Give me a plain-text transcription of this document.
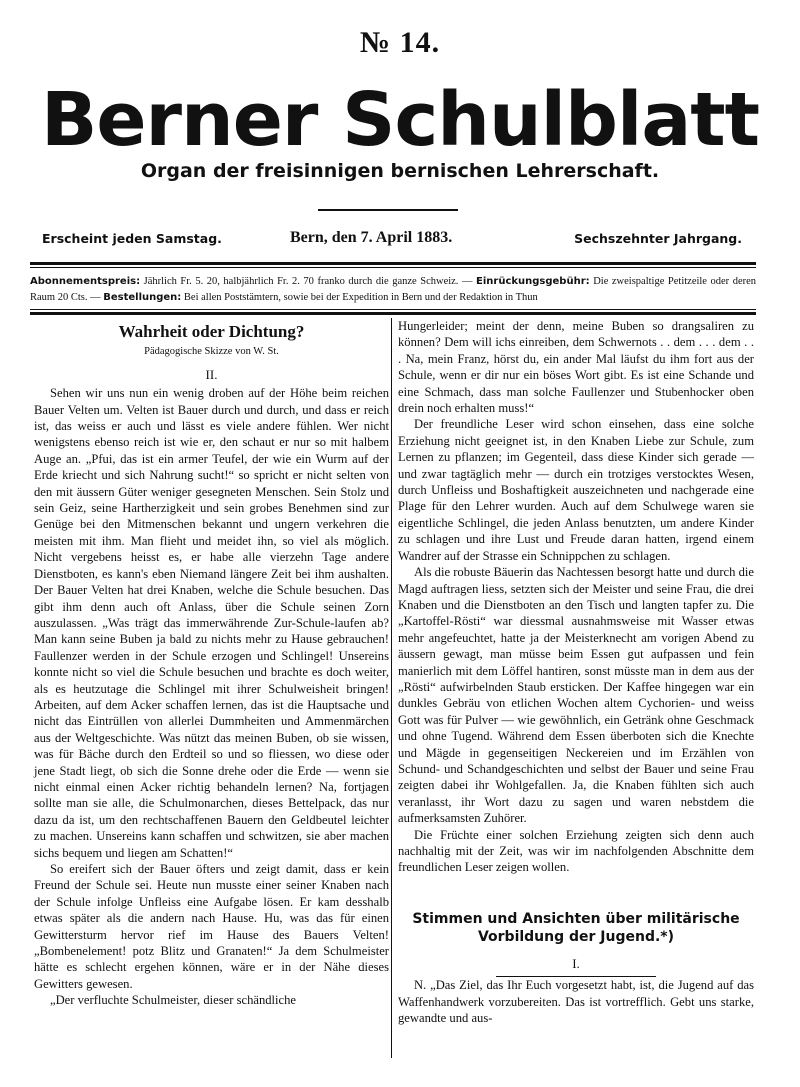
№ 14.
Berner Schulblatt
Organ der freisinnigen bernischen Lehrerschaft.
Erscheint jeden Samstag.	Bern, den 7. April 1883.	Sechszehnter Jahrgang.
Abonnementspreis: Jährlich Fr. 5. 20, halbjährlich Fr. 2. 70 franko durch die ganze Schweiz. — Einrückungsgebühr: Die zweispaltige Petitzeile oder deren Raum 20 Cts. — Bestellungen: Bei allen Poststämtern, sowie bei der Expedition in Bern und der Redaktion in Thun
Wahrheit oder Dichtung?
Pädagogische Skizze von W. St.
II.

Sehen wir uns nun ein wenig droben auf der Höhe beim reichen Bauer Velten um. Velten ist Bauer durch und durch, und dass er reich ist, das weiss er auch und lässt es viele andere fühlen. Wer nicht wenigstens ebenso reich ist wie er, den schaut er nur so mit halbem Auge an. „Pfui, das ist ein armer Teufel, der wie ein Wurm auf der Erde kriecht und sich Nahrung sucht!“ so spricht er nicht selten von den mit äussern Güter weniger gesegneten Menschen. Sein Stolz und sein Geiz, seine Hartherzigkeit und sein grobes Benehmen sind zur Genüge bei den Mitmenschen bekannt und ungern verkehren die meisten mit ihm. Man flieht und meidet ihn, so viel als möglich. Nicht vergebens heisst es, er habe alle vierzehn Tage andere Dienstboten, es kann's eben Niemand längere Zeit bei ihm aushalten. Der Bauer Velten hat drei Knaben, welche die Schule besuchen. Das gibt ihm denn auch oft Anlass, über die Schule seinen Zorn auszulassen. „Was trägt das immerwährende Zur-Schule-laufen ab? Man kann seine Buben ja bald zu nichts mehr zu Hause gebrauchen! Faullenzer werden in der Schule erzogen und Schlingel! Unsereins konnte nicht so viel die Schule besuchen und brachte es doch weiter, als es heutzutage die Schlingel mit ihrer Schulweisheit bringen! Arbeiten, auf dem Acker schaffen lernen, das ist die Hauptsache und nicht das Eintrüllen von allerlei Dummheiten und Ammenmärchen aus der Weltgeschichte. Was nützt das meinen Buben, ob sie wissen, was für Bäche durch den Erdteil so und so fliessen, wo diese oder jene Stadt liegt, ob sich die Sonne drehe oder die Erde — wenn sie nicht einmal einen Acker richtig behandeln lernen? Na, fortjagen sollte man sie alle, die Schulmonarchen, dieses Bettelpack, das nur dazu da ist, um den rechtschaffenen Bauern den Geldbeutel leichter zu machen. Unsereins kann schaffen und schwitzen, sie aber machen sichs bequem und liegen am Schatten!“

So ereifert sich der Bauer öfters und zeigt damit, dass er kein Freund der Schule sei. Heute nun musste einer seiner Knaben nach der Schule infolge Unfleiss eine Aufgabe lösen. Er kam desshalb etwas später als die andern nach Hause. Hu, was das für einen Gewittersturm hervor rief im Hause des Bauers Velten! „Bombenelement! potz Blitz und Granaten!“ Ja dem Schulmeister hätte es schlecht ergehen können, wäre er in der Nähe dieses Gewitters gewesen.

„Der verfluchte Schulmeister, dieser schändliche

Hungerleider; meint der denn, meine Buben so drangsaliren zu können? Dem will ichs einreiben, dem Schwernots . . dem . . . dem . . . Na, mein Franz, hörst du, ein ander Mal läufst du ihm fort aus der Schule, wenn er dir nur ein böses Wort gibt. Es ist eine Schande und eine Schmach, dass man solche Faullenzer und Stubenhocker oben drein noch erhalten muss!“

Der freundliche Leser wird schon einsehen, dass eine solche Erziehung nicht geeignet ist, in den Knaben Liebe zur Schule, zum Lernen zu pflanzen; im Gegenteil, dass diese Kinder sich gerade — und zwar tagtäglich mehr — durch ein trotziges verstocktes Wesen, durch Unfleiss und Boshaftigkeit auszeichneten und nachgerade eine Plage für den Lehrer wurden. Auch auf dem Schulwege waren sie eigentliche Schlingel, die jeden Anlass benutzten, um andere Kinder zu schlagen und ihre Lust und Freude daran hatten, irgend einem Wandrer auf der Strasse ein Schnippchen zu schlagen.

Als die robuste Bäuerin das Nachtessen besorgt hatte und durch die Magd auftragen liess, setzten sich der Meister und seine Frau, die drei Knaben und die Dienstboten an den Tisch und langten tapfer zu. Die „Kartoffel-Rösti“ war diessmal ausnahmsweise mit Wasser etwas mehr angefeuchtet, hatte ja der Meisterknecht am vorigen Abend zu äussern gewagt, man müsse beim Essen gut aufpassen und fein manierlich mit dem Löffel hantiren, sonst müsste man in dem aus der „Rösti“ aufwirbelnden Staub ersticken. Der Kaffee hingegen war ein dunkles Gebräu von etlichen Wochen altem Cychorien- und weiss Gott was für Pulver — wie gewöhnlich, ein Getränk ohne Geschmack und ohne Tugend. Während dem Essen überboten sich die Knechte und Mägde in gegenseitigen Neckereien und im Erzählen von Schund- und Schandgeschichten und selbst der Bauer und seine Frau zeigten dabei ihr Wohlgefallen. Ja, die Knaben fühlten sich auch veranlasst, ihr Wort dazu zu sagen und waren nebstdem die aufmerksamsten Zuhörer.

Die Früchte einer solchen Erziehung zeigten sich denn auch nachhaltig mit der Zeit, was wir im nachfolgenden Abschnitte dem freundlichen Leser zeigen wollen.

Stimmen und Ansichten über militärische
Vorbildung der Jugend.*)
I.

N. „Das Ziel, das Ihr Euch vorgesetzt habt, ist, die Jugend auf das Waffenhandwerk vorzubereiten. Das ist vortrefflich. Gebt uns starke, gewandte und aus-
